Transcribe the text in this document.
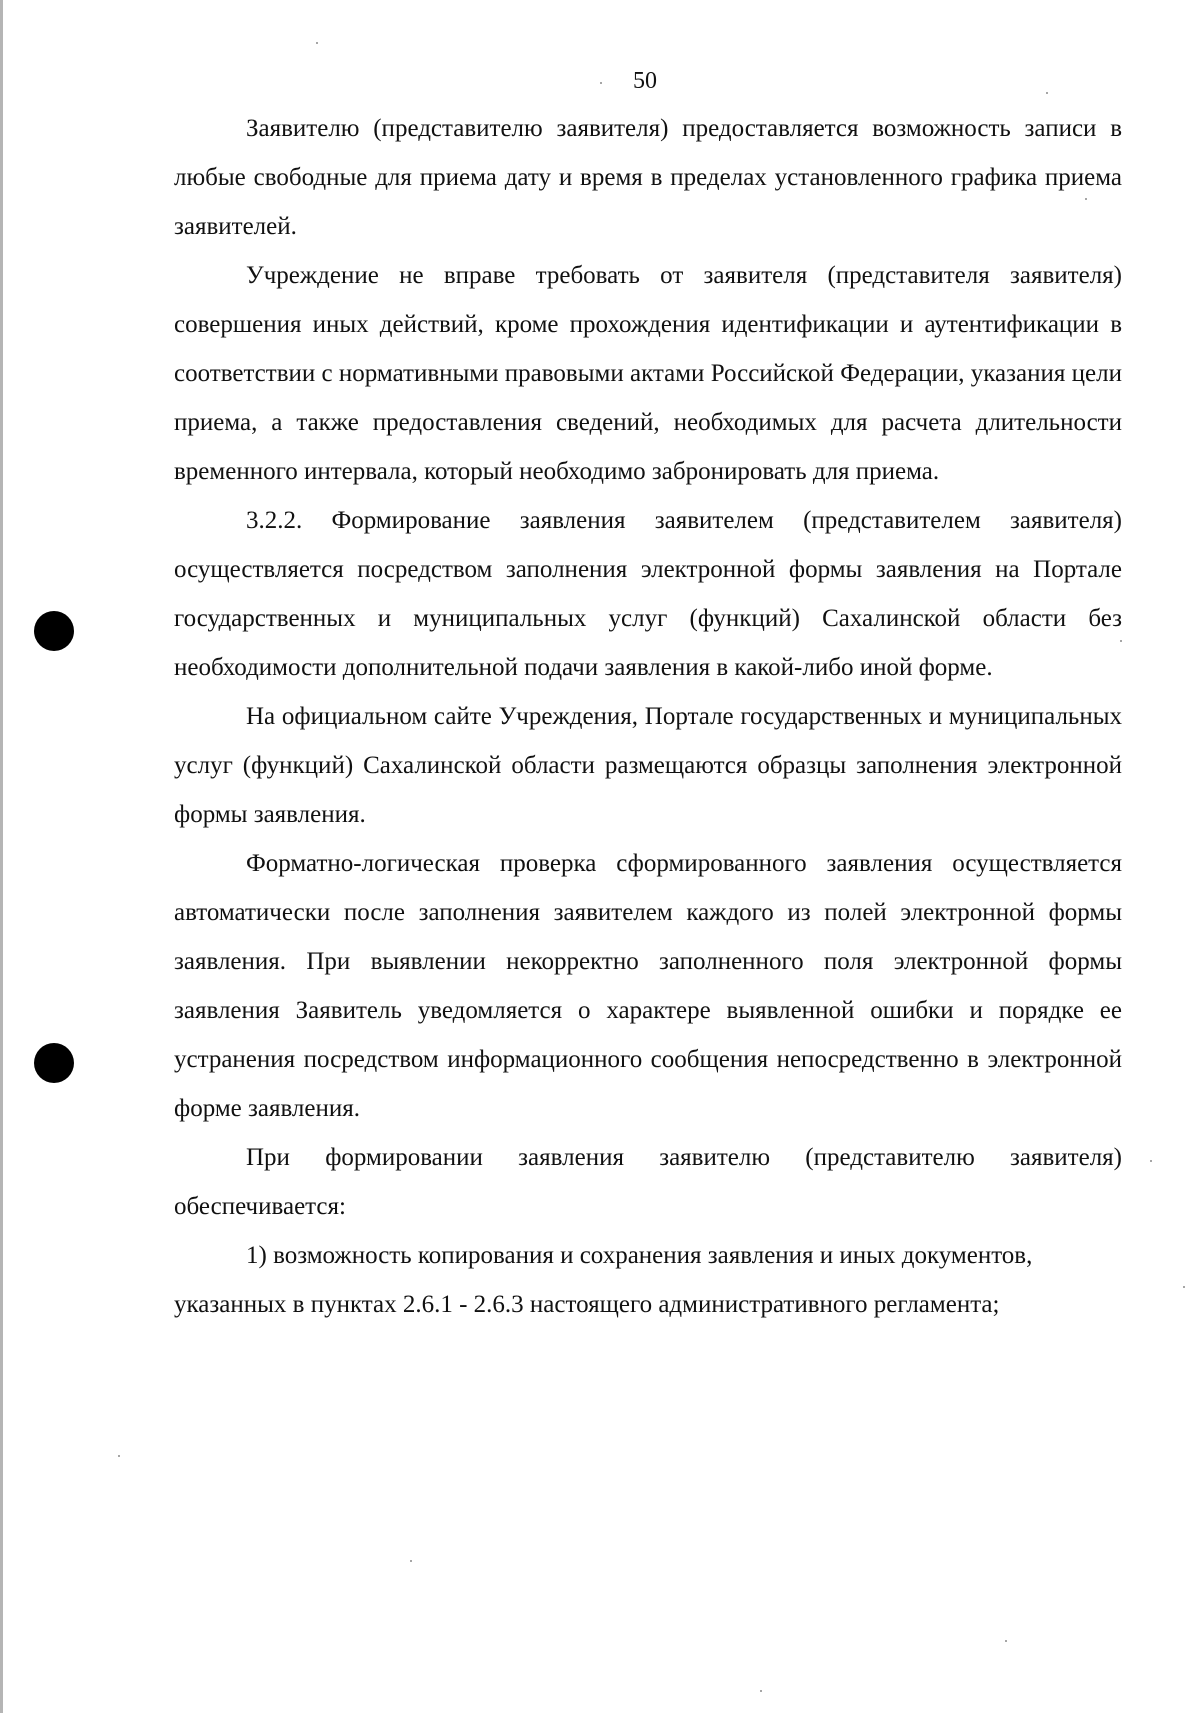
50

Заявителю (представителю заявителя) предоставляется возможность записи в любые свободные для приема дату и время в пределах установленного графика приема заявителей.

Учреждение не вправе требовать от заявителя (представителя заявителя) совершения иных действий, кроме прохождения идентификации и аутентификации в соответствии с нормативными правовыми актами Российской Федерации, указания цели приема, а также предоставления сведений, необходимых для расчета длительности временного интервала, который необходимо забронировать для приема.

3.2.2. Формирование заявления заявителем (представителем заявителя) осуществляется посредством заполнения электронной формы заявления на Портале государственных и муниципальных услуг (функций) Сахалинской области без необходимости дополнительной подачи заявления в какой-либо иной форме.

На официальном сайте Учреждения, Портале государственных и муниципальных услуг (функций) Сахалинской области размещаются образцы заполнения электронной формы заявления.

Форматно-логическая проверка сформированного заявления осуществляется автоматически после заполнения заявителем каждого из полей электронной формы заявления. При выявлении некорректно заполненного поля электронной формы заявления Заявитель уведомляется о характере выявленной ошибки и порядке ее устранения посредством информационного сообщения непосредственно в электронной форме заявления.

При формировании заявления заявителю (представителю заявителя) обеспечивается:

1) возможность копирования и сохранения заявления и иных документов, указанных в пунктах 2.6.1 - 2.6.3 настоящего административного регламента;
